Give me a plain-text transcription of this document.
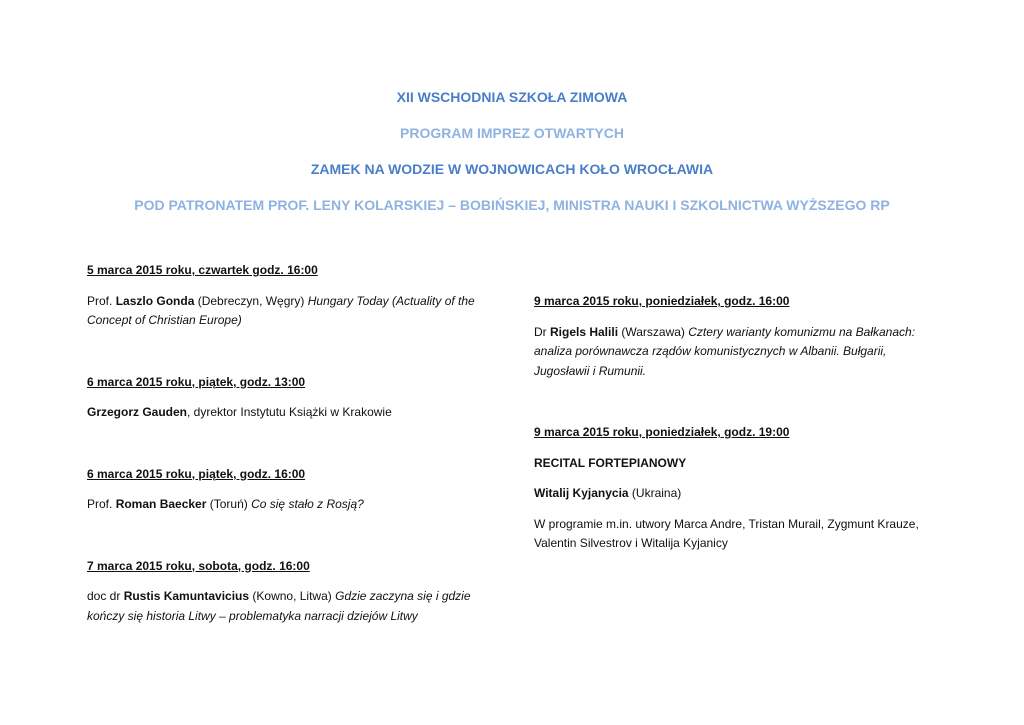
XII WSCHODNIA SZKOŁA ZIMOWA
PROGRAM IMPREZ OTWARTYCH
ZAMEK NA WODZIE W WOJNOWICACH KOŁO WROCŁAWIA
POD PATRONATEM PROF. LENY KOLARSKIEJ – BOBIŃSKIEJ, MINISTRA NAUKI I SZKOLNICTWA WYŻSZEGO RP

5 marca 2015 roku, czwartek godz. 16:00

Prof. Laszlo Gonda (Debreczyn, Węgry) Hungary Today (Actuality of the
Concept of Christian Europe)

6 marca 2015 roku, piątek, godz. 13:00

Grzegorz Gauden, dyrektor Instytutu Książki w Krakowie

6 marca 2015 roku, piątek, godz. 16:00

Prof. Roman Baecker (Toruń) Co się stało z Rosją?

7 marca 2015 roku, sobota, godz. 16:00

doc dr Rustis Kamuntavicius (Kowno, Litwa) Gdzie zaczyna się i gdzie
kończy się historia Litwy – problematyka narracji dziejów Litwy

9 marca 2015 roku, poniedziałek, godz. 16:00

Dr Rigels Halili (Warszawa) Cztery warianty komunizmu na Bałkanach:
analiza porównawcza rządów komunistycznych w Albanii. Bułgarii,
Jugosławii i Rumunii.

9 marca 2015 roku, poniedziałek, godz. 19:00

RECITAL FORTEPIANOWY

Witalij Kyjanycia (Ukraina)

W programie m.in. utwory Marca Andre, Tristan Murail, Zygmunt Krauze,
Valentin Silvestrov i Witalija Kyjanicy
